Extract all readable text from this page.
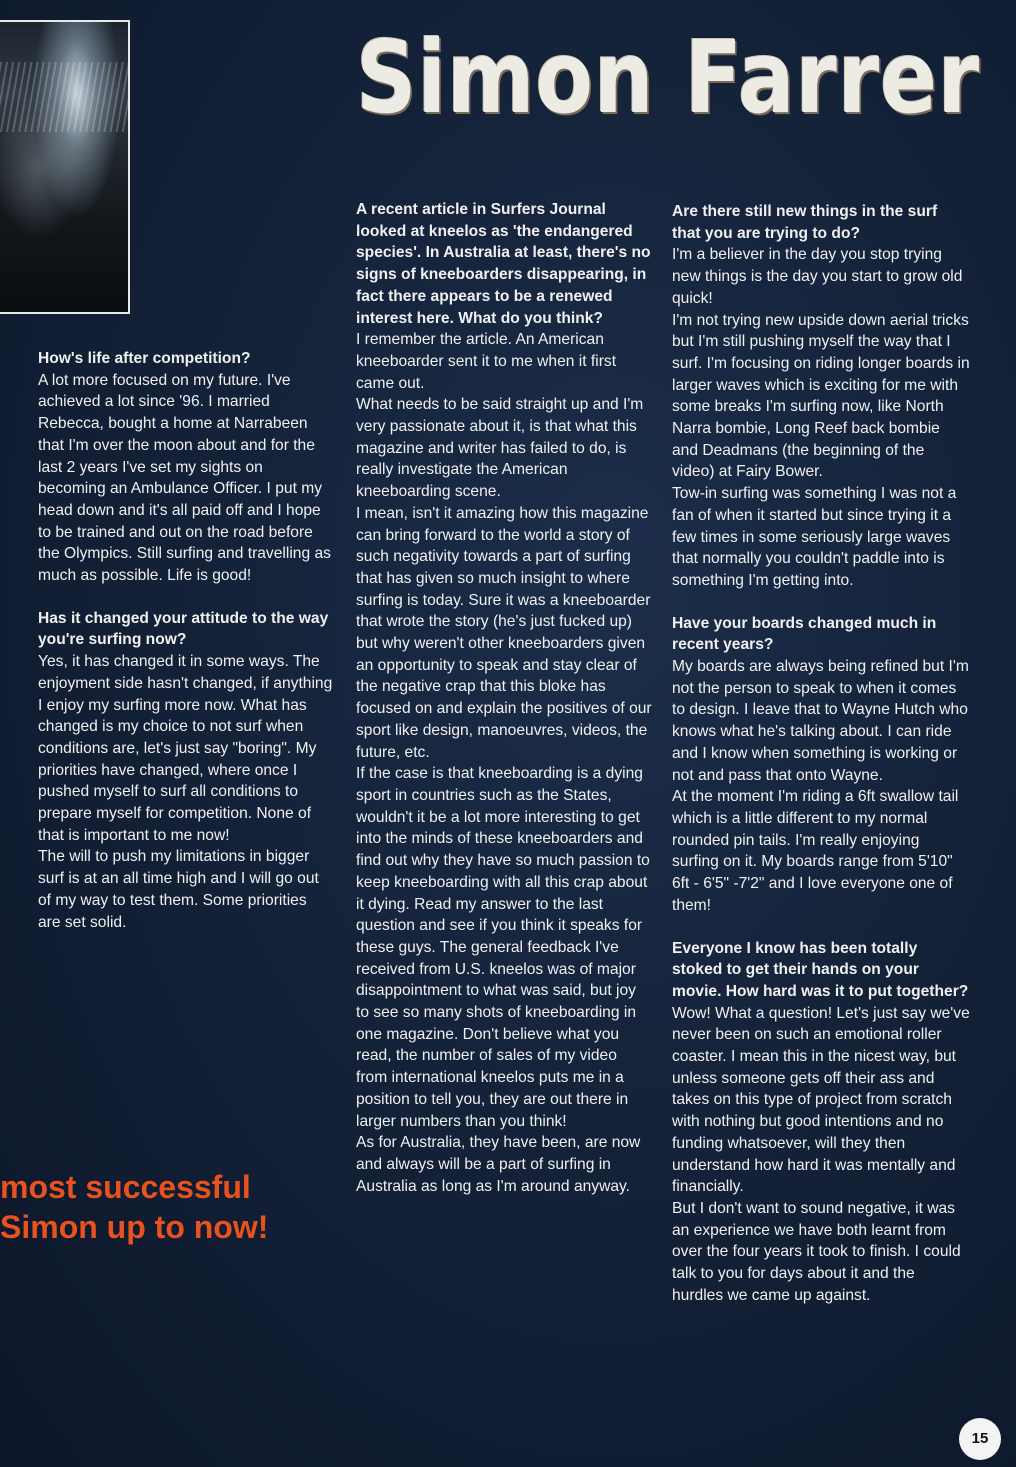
Simon Farrer

How's life after competition?

A lot more focused on my future. I've achieved a lot since '96. I married Rebecca, bought a home at Narrabeen that I'm over the moon about and for the last 2 years I've set my sights on becoming an Ambulance Officer. I put my head down and it's all paid off and I hope to be trained and out on the road before the Olympics. Still surfing and travelling as much as possible. Life is good!

Has it changed your attitude to the way you're surfing now?

Yes, it has changed it in some ways. The enjoyment side hasn't changed, if anything I enjoy my surfing more now. What has changed is my choice to not surf when conditions are, let's just say "boring". My priorities have changed, where once I pushed myself to surf all conditions to prepare myself for competition. None of that is important to me now!

The will to push my limitations in bigger surf is at an all time high and I will go out of my way to test them. Some priorities are set solid.

A recent article in Surfers Journal looked at kneelos as 'the endangered species'. In Australia at least, there's no signs of kneeboarders disappearing, in fact there appears to be a renewed interest here. What do you think?

I remember the article. An American kneeboarder sent it to me when it first came out.

What needs to be said straight up and I'm very passionate about it, is that what this magazine and writer has failed to do, is really investigate the American kneeboarding scene.

I mean, isn't it amazing how this magazine can bring forward to the world a story of such negativity towards a part of surfing that has given so much insight to where surfing is today. Sure it was a kneeboarder that wrote the story (he's just fucked up) but why weren't other kneeboarders given an opportunity to speak and stay clear of the negative crap that this bloke has focused on and explain the positives of our sport like design, manoeuvres, videos, the future, etc.

If the case is that kneeboarding is a dying sport in countries such as the States, wouldn't it be a lot more interesting to get into the minds of these kneeboarders and find out why they have so much passion to keep kneeboarding with all this crap about it dying. Read my answer to the last question and see if you think it speaks for these guys. The general feedback I've received from U.S. kneelos was of major disappointment to what was said, but joy to see so many shots of kneeboarding in one magazine. Don't believe what you read, the number of sales of my video from international kneelos puts me in a position to tell you, they are out there in larger numbers than you think!

As for Australia, they have been, are now and always will be a part of surfing in Australia as long as I'm around anyway.

Are there still new things in the surf that you are trying to do?

I'm a believer in the day you stop trying new things is the day you start to grow old quick!

I'm not trying new upside down aerial tricks but I'm still pushing myself the way that I surf. I'm focusing on riding longer boards in larger waves which is exciting for me with some breaks I'm surfing now, like North Narra bombie, Long Reef back bombie and Deadmans (the beginning of the video) at Fairy Bower.

Tow-in surfing was something I was not a fan of when it started but since trying it a few times in some seriously large waves that normally you couldn't paddle into is something I'm getting into.

Have your boards changed much in recent years?

My boards are always being refined but I'm not the person to speak to when it comes to design. I leave that to Wayne Hutch who knows what he's talking about. I can ride and I know when something is working or not and pass that onto Wayne.

At the moment I'm riding a 6ft swallow tail which is a little different to my normal rounded pin tails. I'm really enjoying surfing on it. My boards range from 5'10" 6ft - 6'5" -7'2" and I love everyone one of them!

Everyone I know has been totally stoked to get their hands on your movie. How hard was it to put together?

Wow! What a question! Let's just say we've never been on such an emotional roller coaster. I mean this in the nicest way, but unless someone gets off their ass and takes on this type of project from scratch with nothing but good intentions and no funding whatsoever, will they then understand how hard it was mentally and financially.

But I don't want to sound negative, it was an experience we have both learnt from over the four years it took to finish. I could talk to you for days about it and the hurdles we came up against.

most successful
Simon up to now!
15
